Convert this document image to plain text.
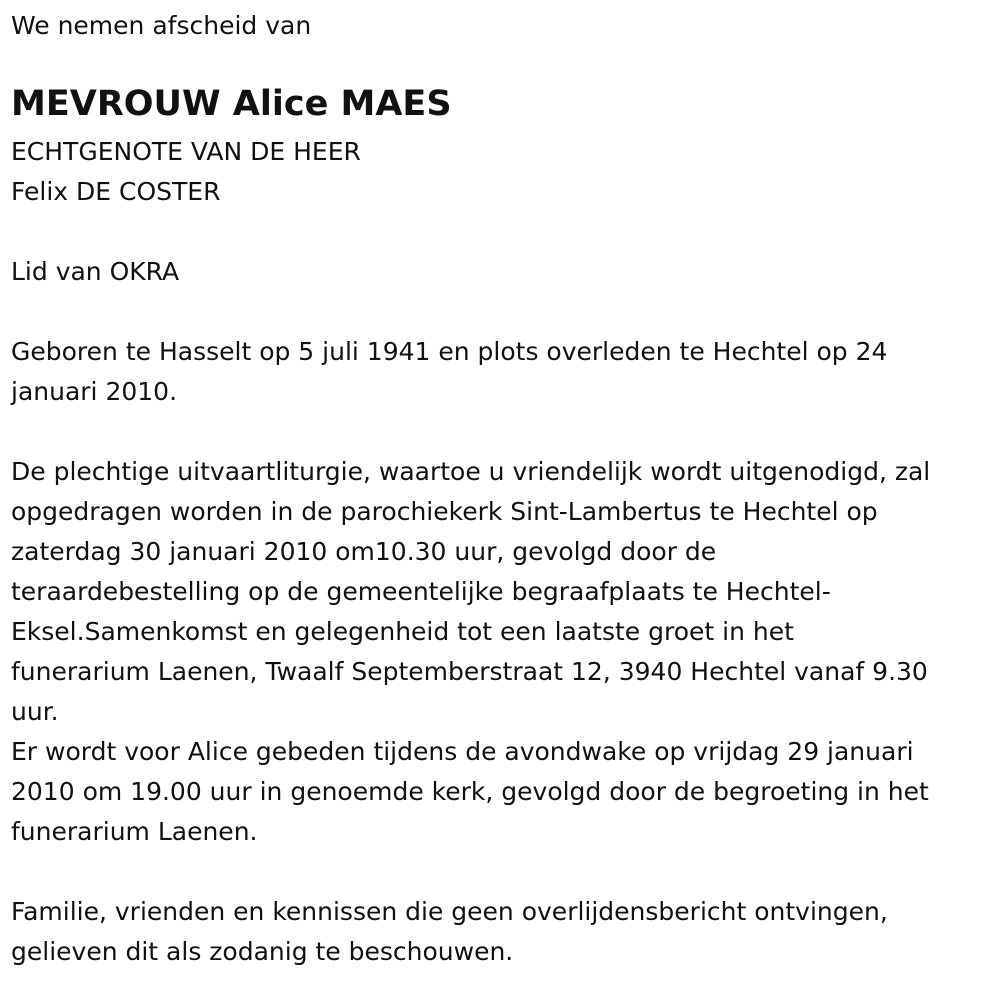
We nemen afscheid van

MEVROUW Alice MAES

ECHTGENOTE VAN DE HEER

Felix DE COSTER

Lid van OKRA

Geboren te Hasselt op 5 juli 1941 en plots overleden te Hechtel op 24
januari 2010.

De plechtige uitvaartliturgie, waartoe u vriendelijk wordt uitgenodigd, zal
opgedragen worden in de parochiekerk Sint-Lambertus te Hechtel op
zaterdag 30 januari 2010 om10.30 uur, gevolgd door de
teraardebestelling op de gemeentelijke begraafplaats te Hechtel-
Eksel.Samenkomst en gelegenheid tot een laatste groet in het
funerarium Laenen, Twaalf Septemberstraat 12, 3940 Hechtel vanaf 9.30
uur.

Er wordt voor Alice gebeden tijdens de avondwake op vrijdag 29 januari
2010 om 19.00 uur in genoemde kerk, gevolgd door de begroeting in het
funerarium Laenen.

Familie, vrienden en kennissen die geen overlijdensbericht ontvingen,
gelieven dit als zodanig te beschouwen.
